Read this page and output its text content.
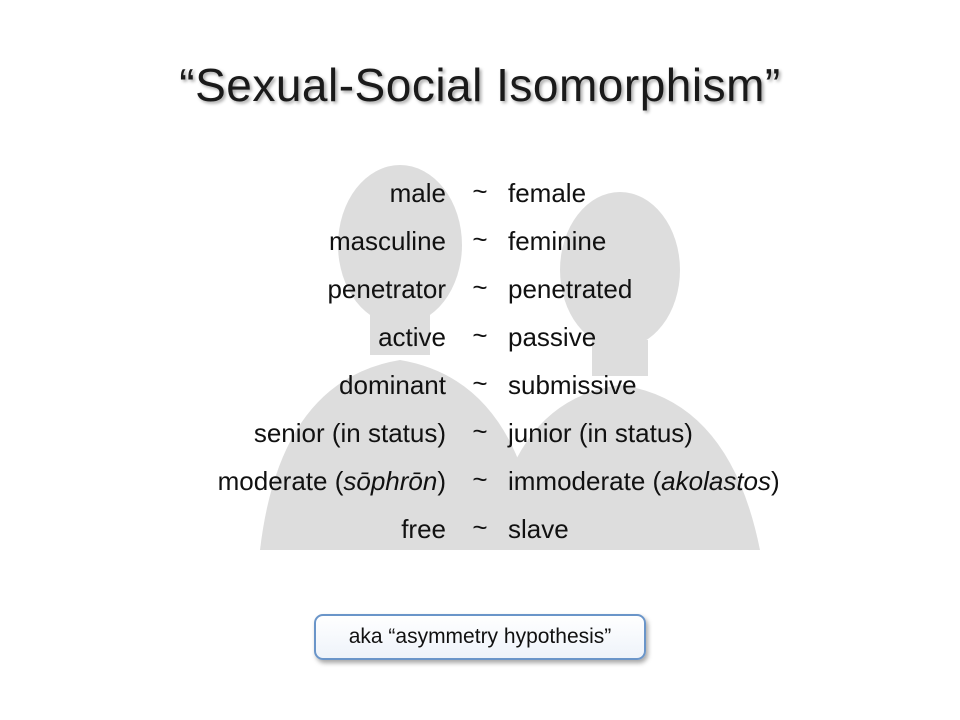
“Sexual-Social Isomorphism”
male ~ female
masculine ~ feminine
penetrator ~ penetrated
active ~ passive
dominant ~ submissive
senior (in status) ~ junior (in status)
moderate (sōphrōn) ~ immoderate (akolastos)
free ~ slave
aka “asymmetry hypothesis”
